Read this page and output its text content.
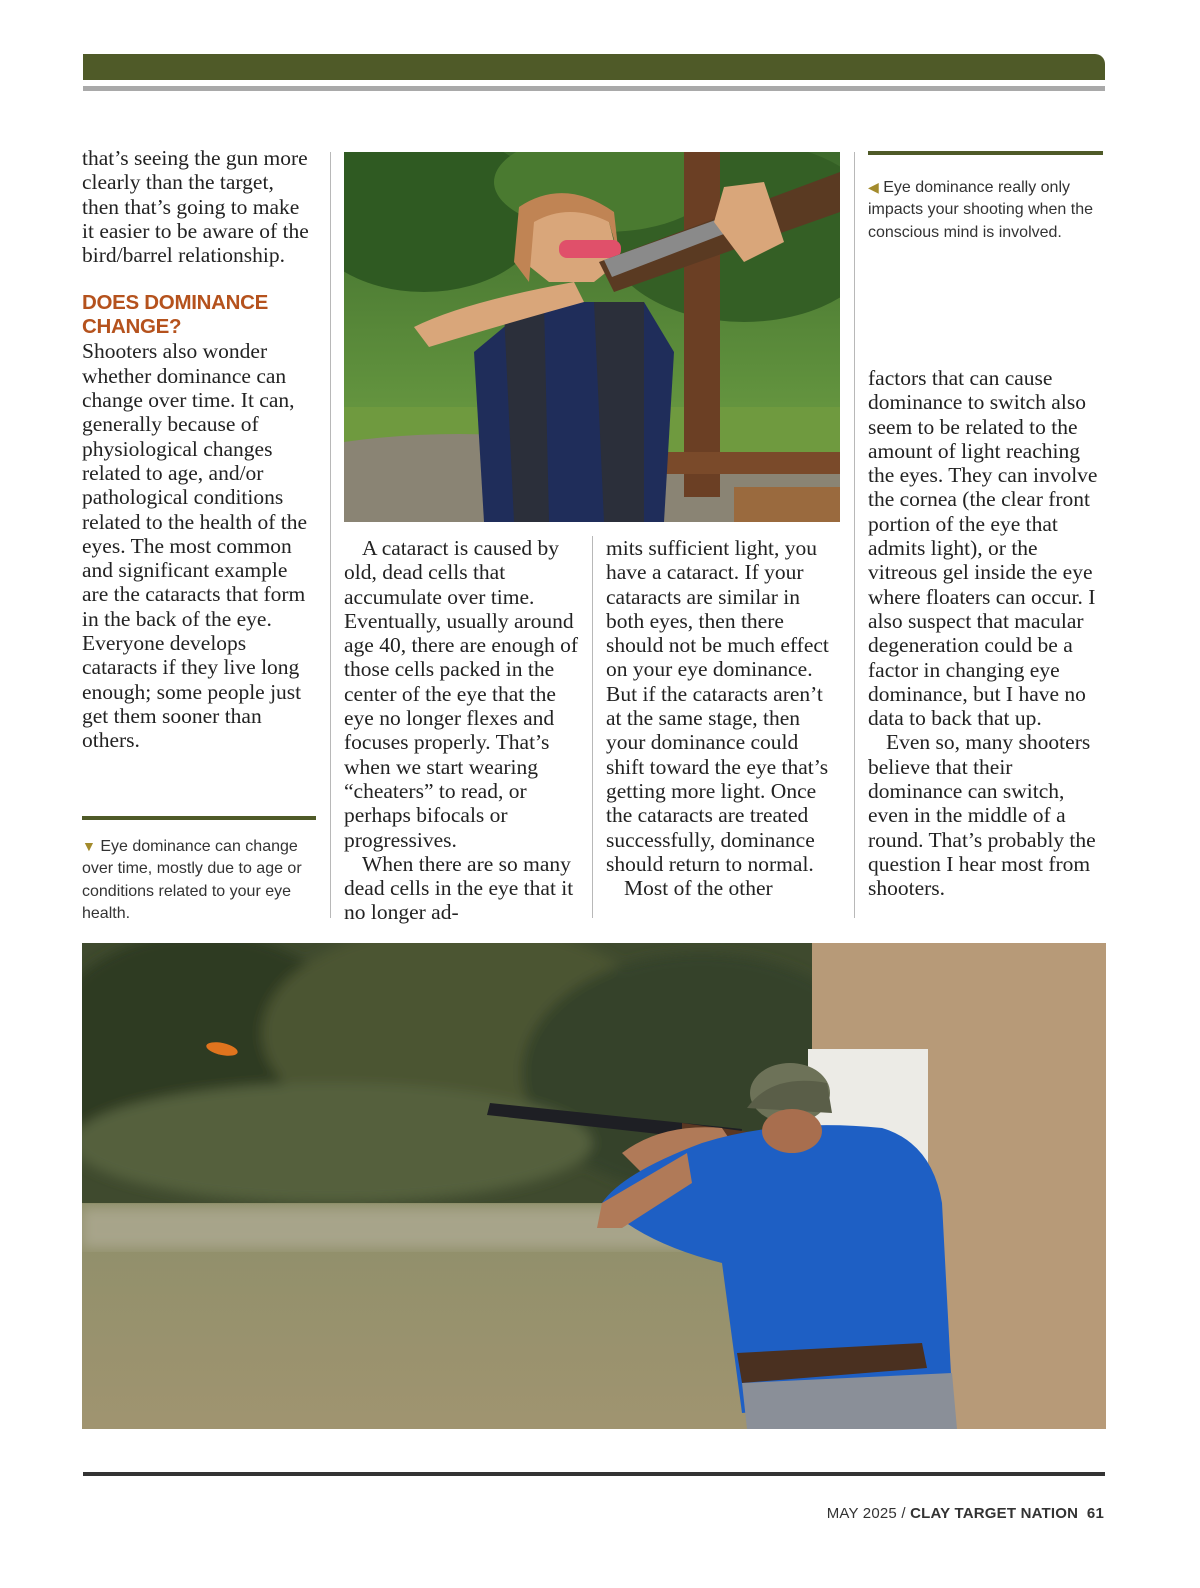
that’s seeing the gun more clearly than the target, then that’s going to make it easier to be aware of the bird/barrel relationship.
DOES DOMINANCE CHANGE?
Shooters also wonder whether dominance can change over time. It can, generally because of physiological changes related to age, and/or pathological conditions related to the health of the eyes. The most common and significant example are the cataracts that form in the back of the eye. Everyone develops cataracts if they live long enough; some people just get them sooner than others.
▼ Eye dominance can change over time, mostly due to age or conditions related to your eye health.

A cataract is caused by old, dead cells that accumulate over time. Eventually, usually around age 40, there are enough of those cells packed in the center of the eye that the eye no longer flexes and focuses properly. That’s when we start wearing “cheaters” to read, or perhaps bifocals or progressives.

When there are so many dead cells in the eye that it no longer ad-

mits sufficient light, you have a cataract. If your cataracts are similar in both eyes, then there should not be much effect on your eye dominance. But if the cataracts aren’t at the same stage, then your dominance could shift toward the eye that’s getting more light. Once the cataracts are treated successfully, dominance should return to normal.

Most of the other

◀ Eye dominance really only impacts your shooting when the conscious mind is involved.

factors that can cause dominance to switch also seem to be related to the amount of light reaching the eyes. They can involve the cornea (the clear front portion of the eye that admits light), or the vitreous gel inside the eye where floaters can occur. I also suspect that macular degeneration could be a factor in changing eye dominance, but I have no data to back that up.

Even so, many shooters believe that their dominance can switch, even in the middle of a round. That’s probably the question I hear most from shooters.

MAY 2025 / CLAY TARGET NATION 61
